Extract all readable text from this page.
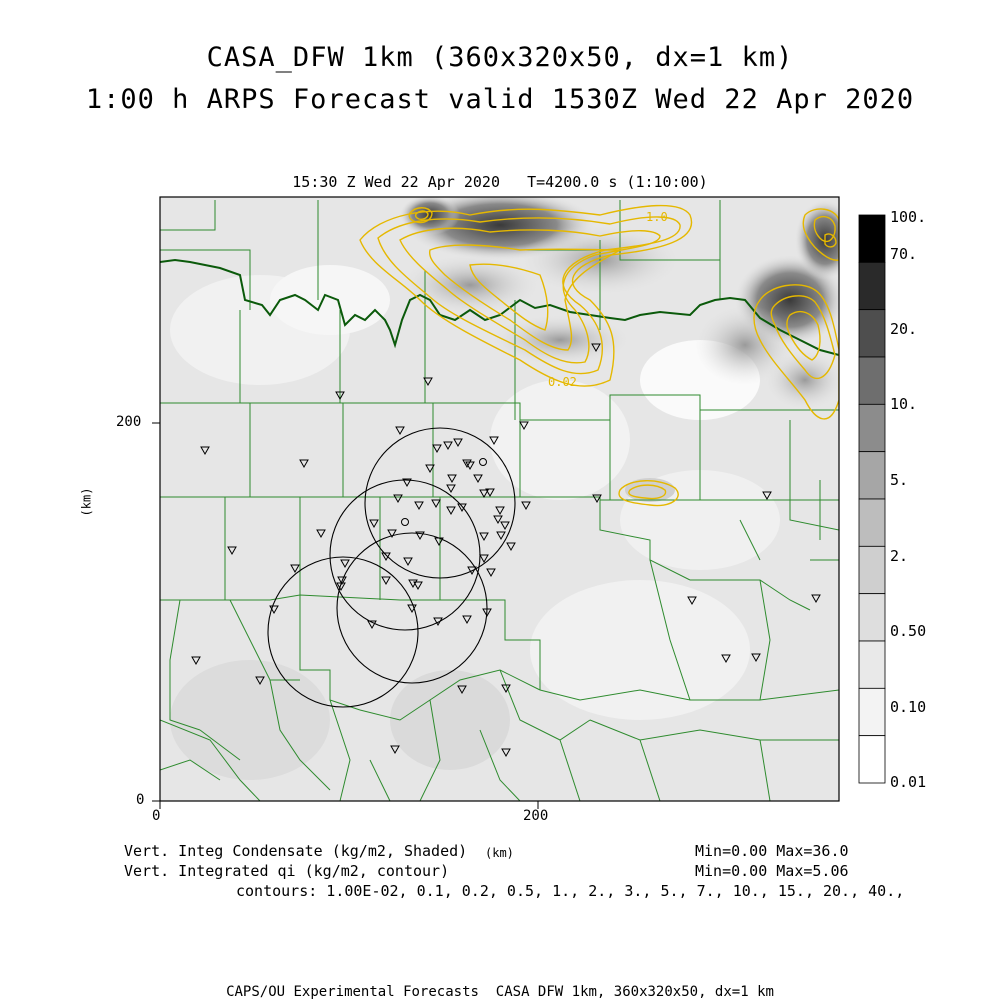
CASA_DFW 1km (360x320x50, dx=1 km)
1:00 h ARPS Forecast valid 1530Z Wed 22 Apr 2020
15:30 Z Wed 22 Apr 2020   T=4200.0 s (1:10:00)
1.0
0.02
0	200
0
200
(km)
(km)
100.
70.
20.
10.
5.
2.
0.50
0.10
0.01
Vert. Integ Condensate (kg/m2, Shaded)
Vert. Integrated qi (kg/m2, contour)
contours: 1.00E-02, 0.1, 0.2, 0.5, 1., 2., 3., 5., 7., 10., 15., 20., 40.,
Min=0.00 Max=36.0
Min=0.00 Max=5.06
CAPS/OU Experimental Forecasts  CASA DFW 1km, 360x320x50, dx=1 km
